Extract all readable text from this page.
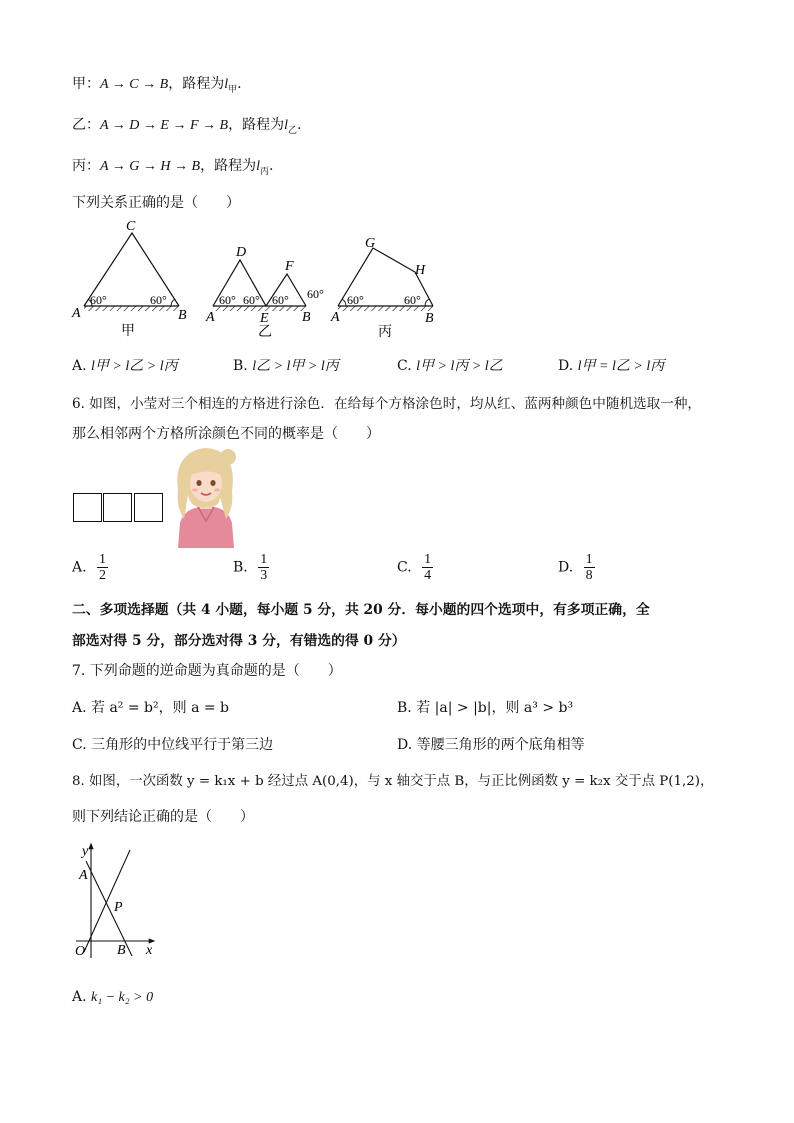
甲：A → C → B，路程为$l_甲$.
乙：A → D → E → F → B，路程为$l_乙$.
丙：A → G → H → B，路程为$l_丙$.
下列关系正确的是（　　）
C
A	B
60°	60°
甲
D
F
A	E B
60° 60° 60° 60°
乙
G
H
A	B
60°	60°
丙
A. l甲 > l乙 > l丙	B. l乙 > l甲 > l丙	C. l甲 > l丙 > l乙	D. l甲 = l乙 > l丙
6. 如图，小莹对三个相连的方格进行涂色．在给每个方格涂色时，均从红、蓝两种颜色中随机选取一种，
那么相邻两个方格所涂颜色不同的概率是（　　）
A. $\frac{1}{2}$	B. $\frac{1}{3}$	C. $\frac{1}{4}$	D. $\frac{1}{8}$
二、多项选择题（共 4 小题，每小题 5 分，共 20 分．每小题的四个选项中，有多项正确，全
部选对得 5 分，部分选对得 3 分，有错选的得 0 分）
7. 下列命题的逆命题为真命题的是（　　）
A. 若 a² = b²，则 a = b	B. 若 |a| > |b|，则 a³ > b³
C. 三角形的中位线平行于第三边	D. 等腰三角形的两个底角相等
8. 如图，一次函数 y = k₁x + b 经过点 A(0,4)，与 x 轴交于点 B，与正比例函数 y = k₂x 交于点 P(1,2)，
则下列结论正确的是（　　）
y
x
O
A
B
P
A. k₁ − k₂ > 0
